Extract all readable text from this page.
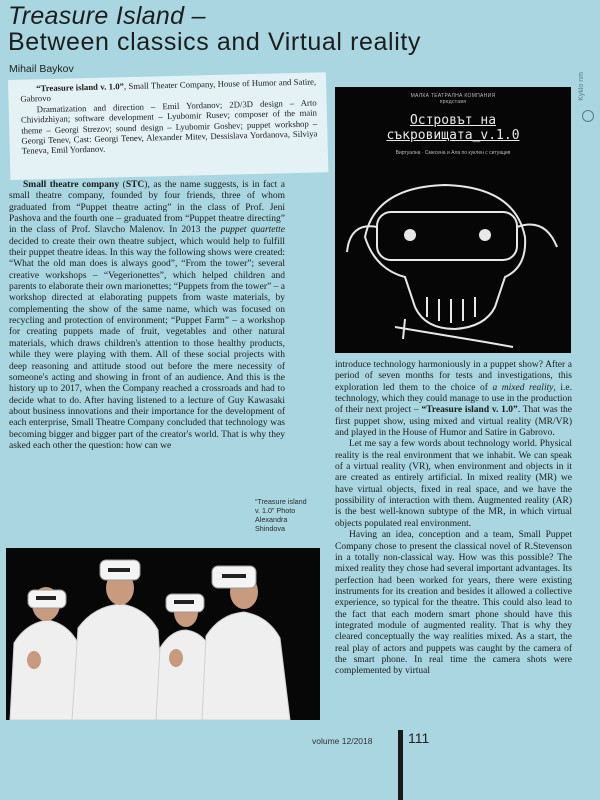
Treasure Island –
Between classics and Virtual reality
Mihail Baykov

“Treasure island v. 1.0”, Small Theater Company, House of Humor and Satire, Gabrovo

Dramatization and direction – Emil Yordanov; 2D/3D design – Arto Chividzhiyan; software development – Lyubomir Rusev; composer of the main theme – Georgi Strezov; sound design – Lyubomir Goshev; puppet workshop – Georgi Tenev, Cast: Georgi Tenev, Alexander Mitev, Dessislava Yordanova, Silviya Teneva, Emil Yordanov.

Kyklo nm
МАЛКА ТЕАТРАЛНА КОМПАНИЯ
представя
Островът на
съкровищата_v.1.0
Виртуална · Смесена и Ала по куклен с ситуация

Small theatre company (STC), as the name suggests, is in fact a small theatre company, founded by four friends, three of whom graduated from “Puppet theatre acting” in the class of Prof. Jeni Pashova and the fourth one – graduated from “Puppet theatre directing” in the class of Prof. Slavcho Malenov. In 2013 the puppet quartette decided to create their own theatre subject, which would help to fulfill their puppet theatre ideas. In this way the following shows were created: “What the old man does is always good”, “From the tower”; several creative workshops – “Vegerionettes”, which helped children and parents to elaborate their own marionettes; “Puppets from the tower” – a workshop directed at elaborating puppets from waste materials, by complementing the show of the same name, which was focused on recycling and protection of environment; “Puppet Farm” – a workshop for creating puppets made of fruit, vegetables and other natural materials, which draws children's attention to those healthy products, while they were playing with them. All of these social projects with deep reasoning and attitude stood out before the mere necessity of someone's acting and showing in front of an audience. And this is the history up to 2017, when the Company reached a crossroads and had to decide what to do. After having listened to a lecture of Guy Kawasaki about business innovations and their importance for the development of each enterprise, Small Theatre Company concluded that technology was becoming bigger and bigger part of the creator's world. That is why they asked each other the question: how can we

“Treasure island v. 1.0” Photo Alexandra Shindova

introduce technology harmoniously in a puppet show? After a period of seven months for tests and investigations, this exploration led them to the choice of a mixed reality, i.e. technology, which they could manage to use in the production of their next project – “Treasure island v. 1.0”. That was the first puppet show, using mixed and virtual reality (MR/VR) and played in the House of Humor and Satire in Gabrovo.

Let me say a few words about technology world. Physical reality is the real environment that we inhabit. We can speak of a virtual reality (VR), when environment and objects in it are created as entirely artificial. In mixed reality (MR) we have virtual objects, fixed in real space, and we have the possibility of interaction with them. Augmented reality (AR) is the best well-known subtype of the MR, in which virtual objects populated real environment.

Having an idea, conception and a team, Small Puppet Company chose to present the classical novel of R.Stevenson in a totally non-classical way. How was this possible? The mixed reality they chose had several important advantages. Its perfection had been worked for years, there were existing instruments for its creation and besides it allowed a collective experience, so typical for the theatre. This could also lead to the fact that each modern smart phone should have this integrated module of augmented reality. That is why they cleared conceptually the way realities mixed. As a start, the real play of actors and puppets was caught by the camera of the smart phone. In real time the camera shots were complemented by virtual

volume 12/2018	111
